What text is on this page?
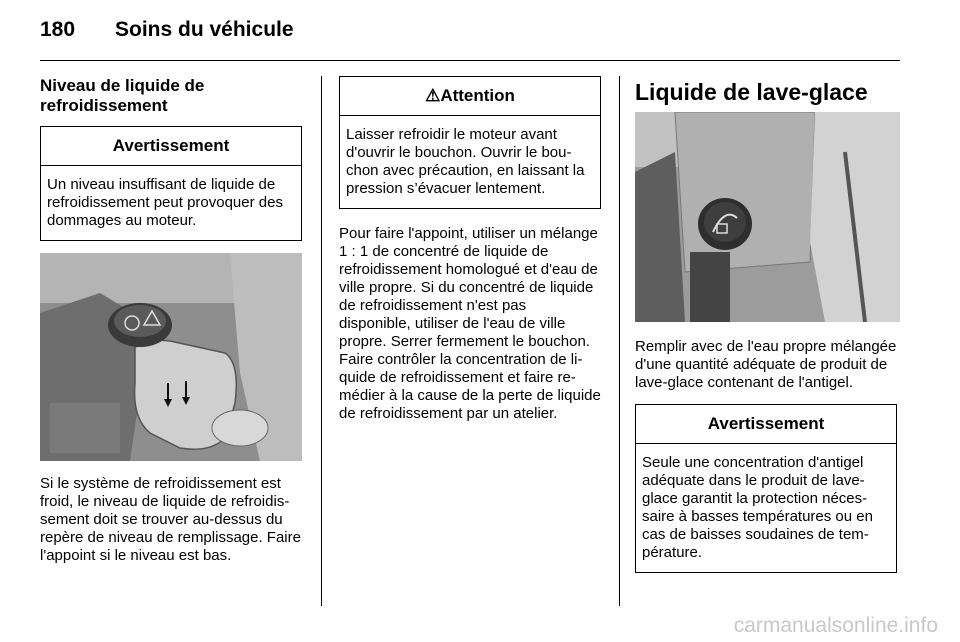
180 Soins du véhicule
Niveau de liquide de refroidissement
Avertissement
Un niveau insuffisant de liquide de refroidissement peut provoquer des dommages au moteur.

Si le système de refroidissement est froid, le niveau de liquide de refroidissement doit se trouver au-dessus du repère de niveau de remplissage. Faire l'appoint si le niveau est bas.

⚠Attention
Laisser refroidir le moteur avant d'ouvrir le bouchon. Ouvrir le bouchon avec précaution, en laissant la pression s’évacuer lentement.

Pour faire l'appoint, utiliser un mélange 1 : 1 de concentré de liquide de refroidissement homologué et d'eau de ville propre. Si du concentré de liquide de refroidissement n'est pas disponible, utiliser de l'eau de ville propre. Serrer fermement le bouchon. Faire contrôler la concentration de liquide de refroidissement et faire remédier à la cause de la perte de liquide de refroidissement par un atelier.

Liquide de lave-glace

Remplir avec de l'eau propre mélangée d'une quantité adéquate de produit de lave-glace contenant de l'antigel.

Avertissement
Seule une concentration d'antigel adéquate dans le produit de lave-glace garantit la protection nécessaire à basses températures ou en cas de baisses soudaines de température.
carmanualsonline.info
